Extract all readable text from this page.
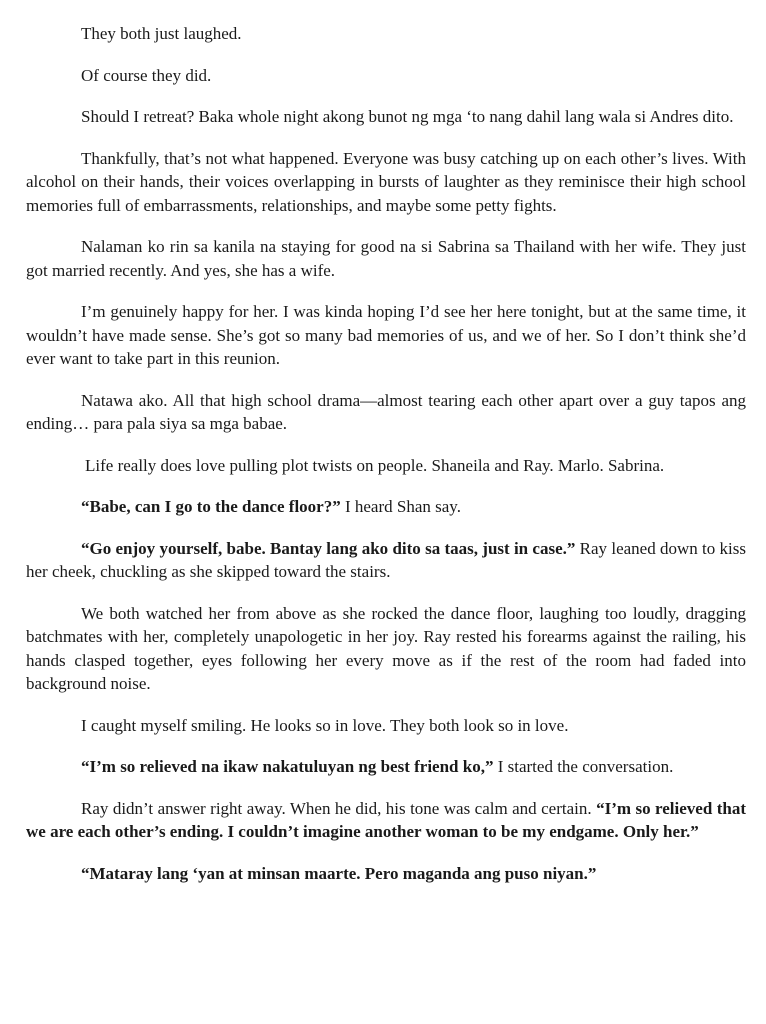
They both just laughed.

Of course they did.

Should I retreat? Baka whole night akong bunot ng mga ‘to nang dahil lang wala si Andres dito.

Thankfully, that’s not what happened. Everyone was busy catching up on each other’s lives. With alcohol on their hands, their voices overlapping in bursts of laughter as they reminisce their high school memories full of embarrassments, relationships, and maybe some petty fights.

Nalaman ko rin sa kanila na staying for good na si Sabrina sa Thailand with her wife. They just got married recently. And yes, she has a wife.

I’m genuinely happy for her. I was kinda hoping I’d see her here tonight, but at the same time, it wouldn’t have made sense. She’s got so many bad memories of us, and we of her. So I don’t think she’d ever want to take part in this reunion.

Natawa ako. All that high school drama—almost tearing each other apart over a guy tapos ang ending… para pala siya sa mga babae.

Life really does love pulling plot twists on people. Shaneila and Ray. Marlo. Sabrina.

“Babe, can I go to the dance floor?” I heard Shan say.

“Go enjoy yourself, babe. Bantay lang ako dito sa taas, just in case.” Ray leaned down to kiss her cheek, chuckling as she skipped toward the stairs.

We both watched her from above as she rocked the dance floor, laughing too loudly, dragging batchmates with her, completely unapologetic in her joy. Ray rested his forearms against the railing, his hands clasped together, eyes following her every move as if the rest of the room had faded into background noise.

I caught myself smiling. He looks so in love. They both look so in love.

“I’m so relieved na ikaw nakatuluyan ng best friend ko,” I started the conversation.

Ray didn’t answer right away. When he did, his tone was calm and certain. “I’m so relieved that we are each other’s ending. I couldn’t imagine another woman to be my endgame. Only her.”

“Mataray lang ‘yan at minsan maarte. Pero maganda ang puso niyan.”
